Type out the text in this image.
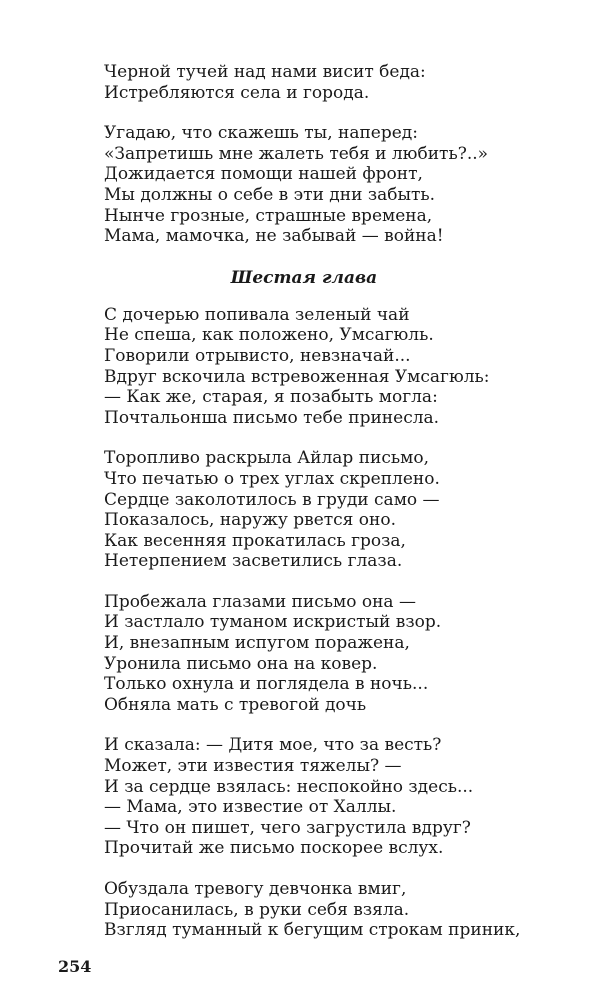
Черной тучей над нами висит беда:
Истребляются села и города.
Угадаю, что скажешь ты, наперед:
«Запретишь мне жалеть тебя и любить?..»
Дожидается помощи нашей фронт,
Мы должны о себе в эти дни забыть.
Нынче грозные, страшные времена,
Мама, мамочка, не забывай — война!
Шестая глава
С дочерью попивала зеленый чай
Не спеша, как положено, Умсагюль.
Говорили отрывисто, невзначай...
Вдруг вскочила встревоженная Умсагюль:
— Как же, старая, я позабыть могла:
Почтальонша письмо тебе принесла.
Торопливо раскрыла Айлар письмо,
Что печатью о трех углах скреплено.
Сердце заколотилось в груди само —
Показалось, наружу рвется оно.
Как весенняя прокатилась гроза,
Нетерпением засветились глаза.
Пробежала глазами письмо она —
И застлало туманом искристый взор.
И, внезапным испугом поражена,
Уронила письмо она на ковер.
Только охнула и поглядела в ночь...
Обняла мать с тревогой дочь
И сказала: — Дитя мое, что за весть?
Может, эти известия тяжелы? —
И за сердце взялась: неспокойно здесь...
— Мама, это известие от Халлы.
— Что он пишет, чего загрустила вдруг?
Прочитай же письмо поскорее вслух.
Обуздала тревогу девчонка вмиг,
Приосанилась, в руки себя взяла.
Взгляд туманный к бегущим строкам приник,
254
